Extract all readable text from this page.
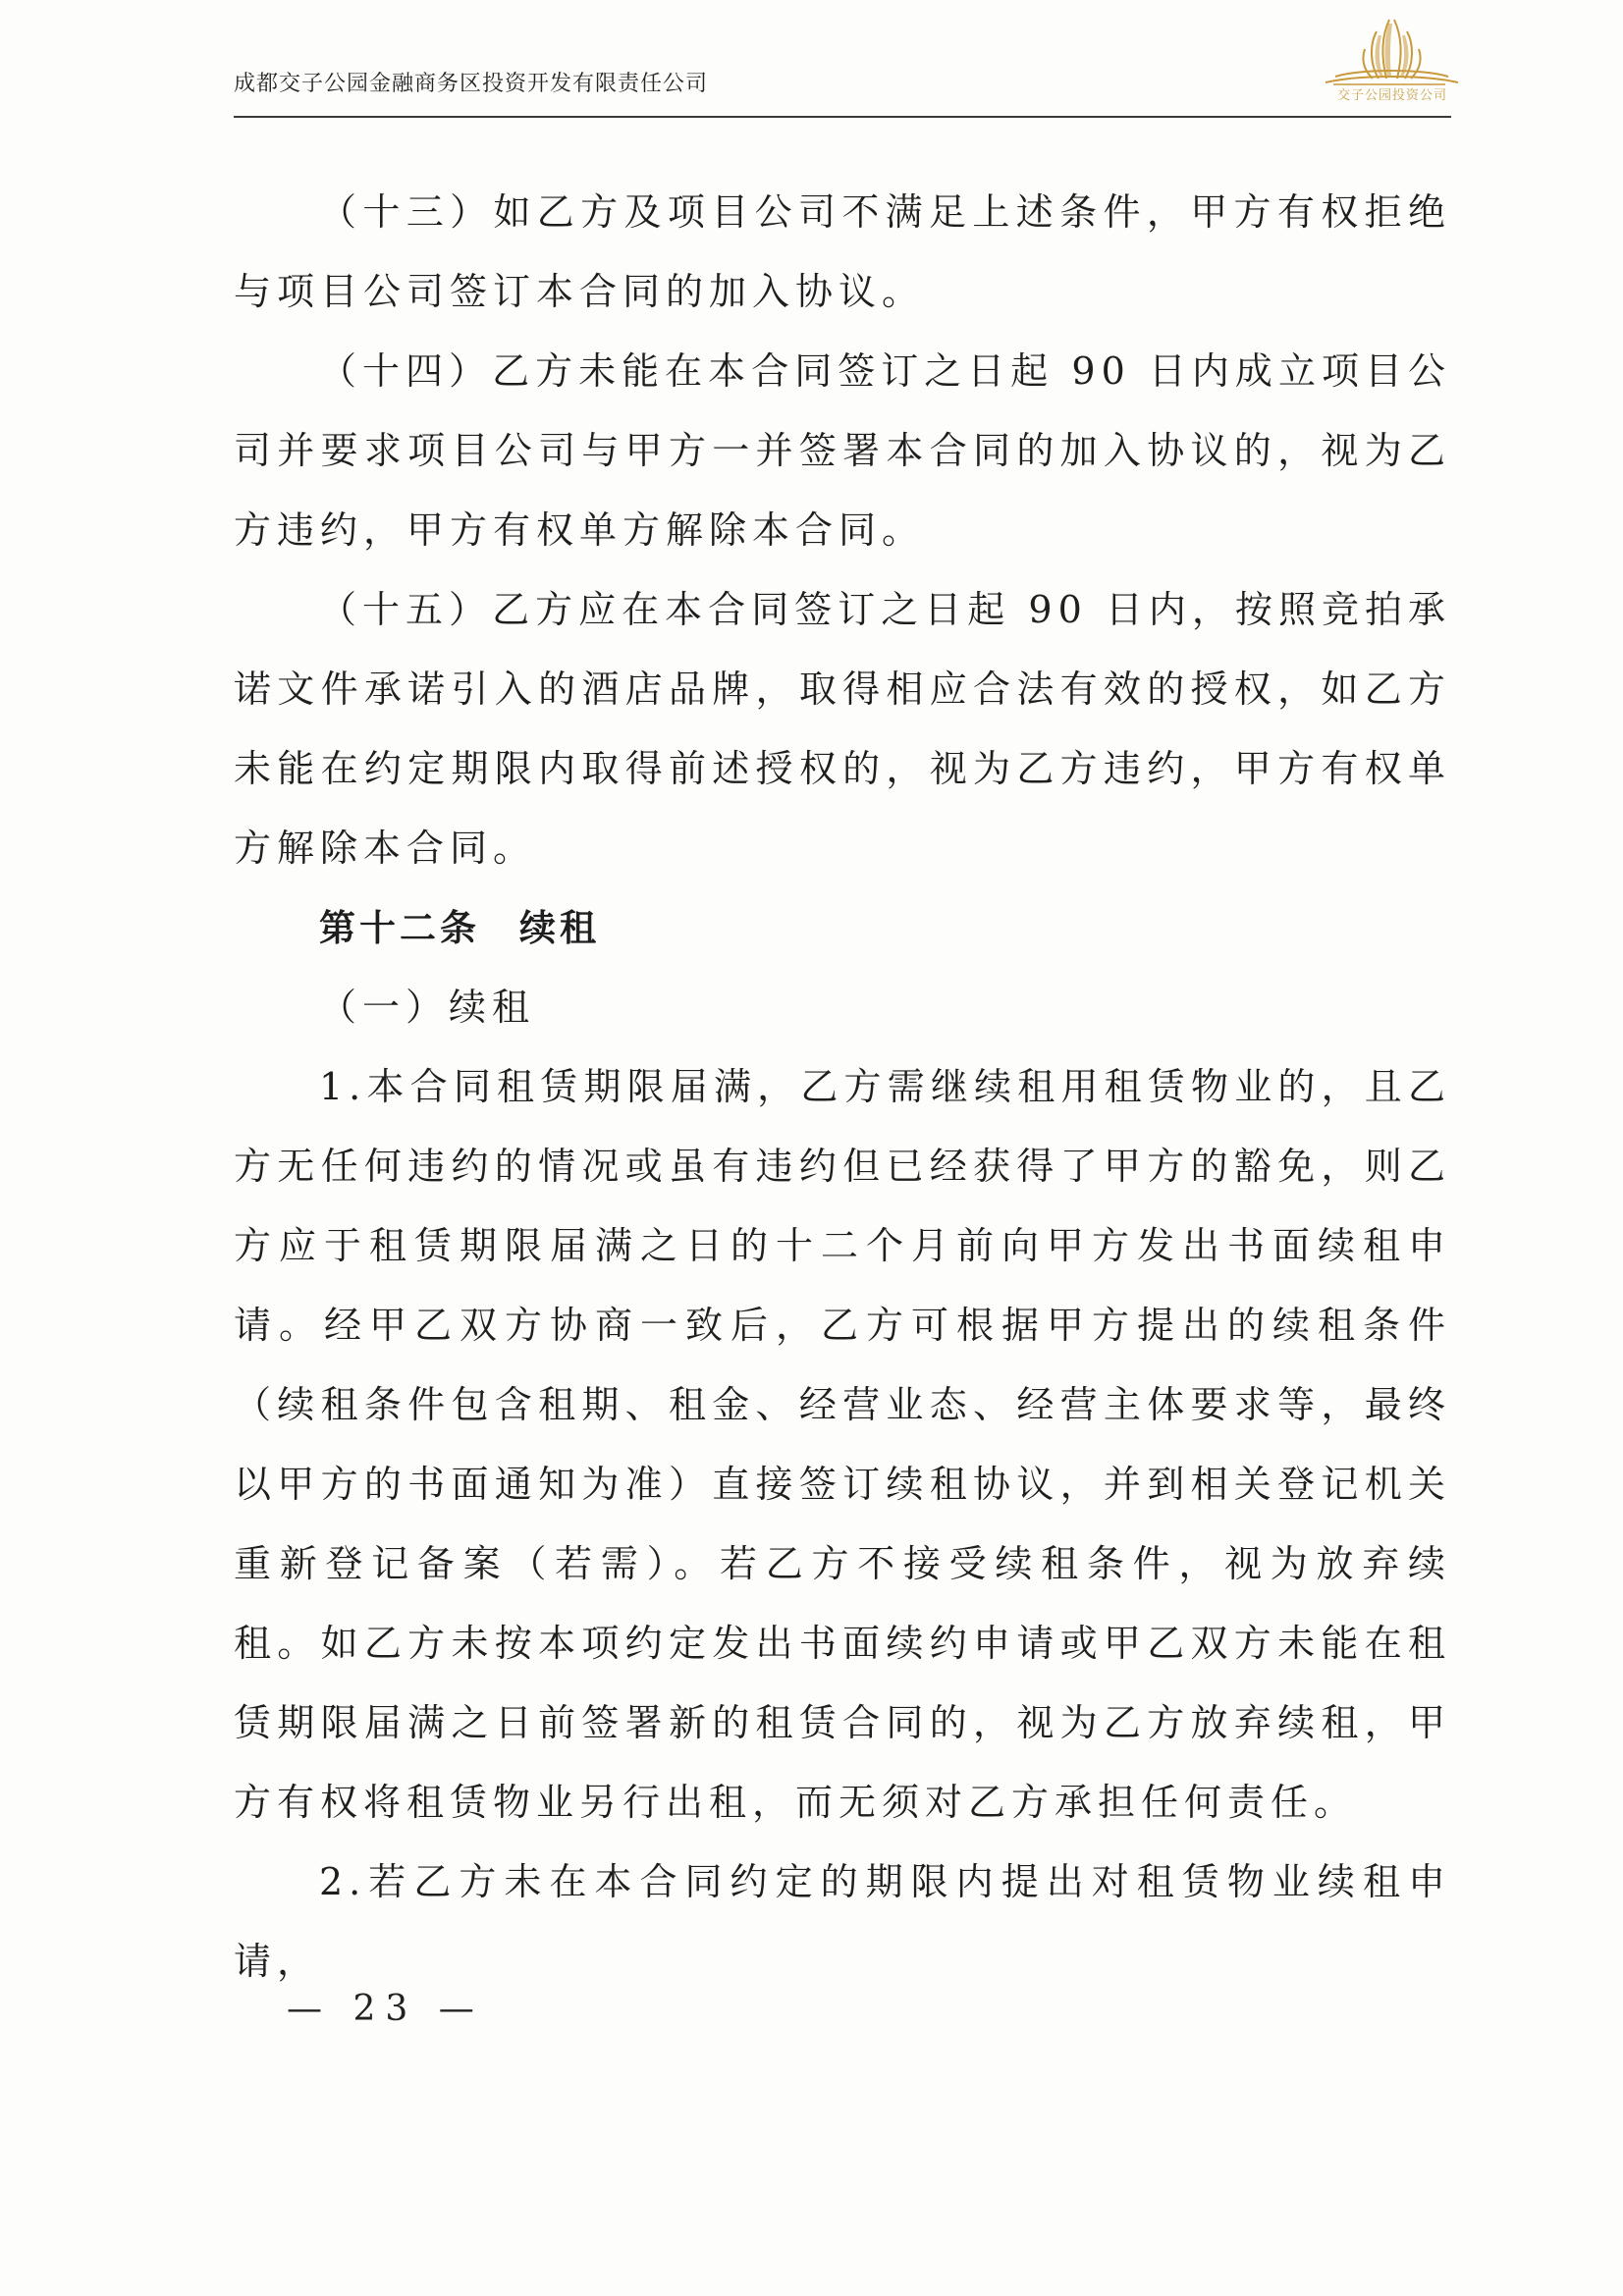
成都交子公园金融商务区投资开发有限责任公司	交子公园投资公司

（十三）如乙方及项目公司不满足上述条件，甲方有权拒绝与项目公司签订本合同的加入协议。

（十四）乙方未能在本合同签订之日起 90 日内成立项目公司并要求项目公司与甲方一并签署本合同的加入协议的，视为乙方违约，甲方有权单方解除本合同。

（十五）乙方应在本合同签订之日起 90 日内，按照竞拍承诺文件承诺引入的酒店品牌，取得相应合法有效的授权，如乙方未能在约定期限内取得前述授权的，视为乙方违约，甲方有权单方解除本合同。

第十二条 续租

（一）续租

1.本合同租赁期限届满，乙方需继续租用租赁物业的，且乙方无任何违约的情况或虽有违约但已经获得了甲方的豁免，则乙方应于租赁期限届满之日的十二个月前向甲方发出书面续租申请。经甲乙双方协商一致后，乙方可根据甲方提出的续租条件（续租条件包含租期、租金、经营业态、经营主体要求等，最终以甲方的书面通知为准）直接签订续租协议，并到相关登记机关重新登记备案（若需）。若乙方不接受续租条件，视为放弃续租。如乙方未按本项约定发出书面续约申请或甲乙双方未能在租赁期限届满之日前签署新的租赁合同的，视为乙方放弃续租，甲方有权将租赁物业另行出租，而无须对乙方承担任何责任。

2.若乙方未在本合同约定的期限内提出对租赁物业续租申请，

— 23 —
